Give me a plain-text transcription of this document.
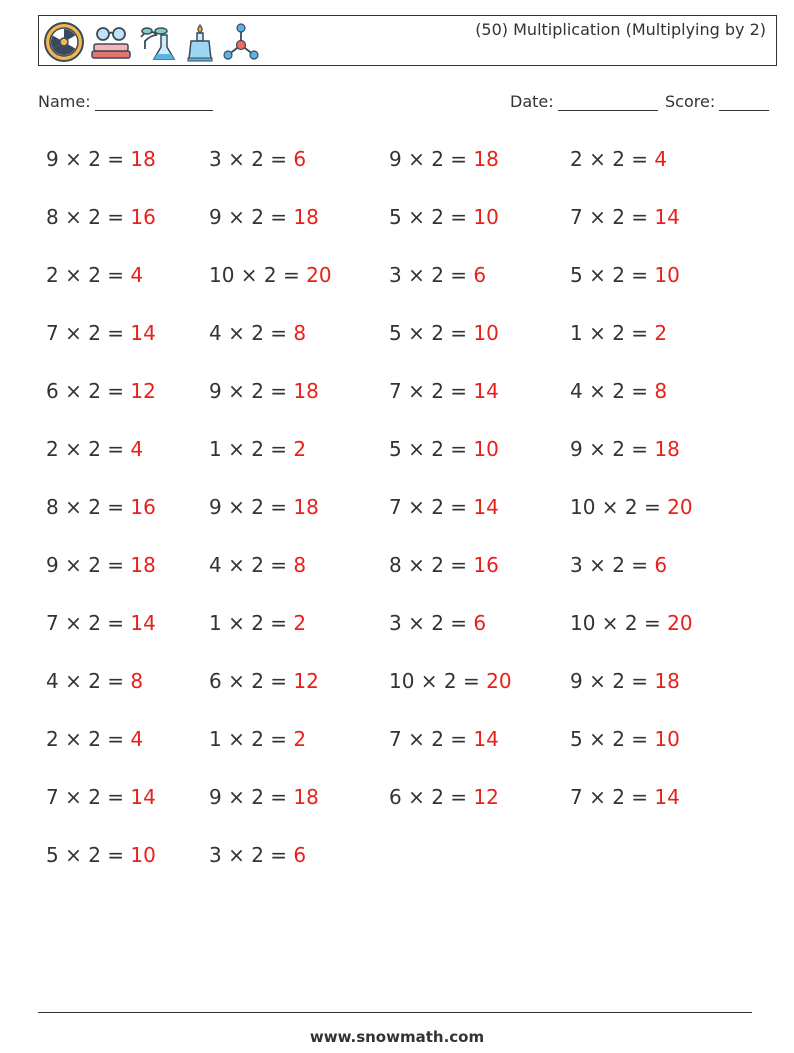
(50) Multiplication (Multiplying by 2)
Name:	Date:	Score:
9 × 2 = 18	3 × 2 = 6	9 × 2 = 18	2 × 2 = 4
8 × 2 = 16	9 × 2 = 18	5 × 2 = 10	7 × 2 = 14
2 × 2 = 4	10 × 2 = 20	3 × 2 = 6	5 × 2 = 10
7 × 2 = 14	4 × 2 = 8	5 × 2 = 10	1 × 2 = 2
6 × 2 = 12	9 × 2 = 18	7 × 2 = 14	4 × 2 = 8
2 × 2 = 4	1 × 2 = 2	5 × 2 = 10	9 × 2 = 18
8 × 2 = 16	9 × 2 = 18	7 × 2 = 14	10 × 2 = 20
9 × 2 = 18	4 × 2 = 8	8 × 2 = 16	3 × 2 = 6
7 × 2 = 14	1 × 2 = 2	3 × 2 = 6	10 × 2 = 20
4 × 2 = 8	6 × 2 = 12	10 × 2 = 20	9 × 2 = 18
2 × 2 = 4	1 × 2 = 2	7 × 2 = 14	5 × 2 = 10
7 × 2 = 14	9 × 2 = 18	6 × 2 = 12	7 × 2 = 14
5 × 2 = 10	3 × 2 = 6
www.snowmath.com
